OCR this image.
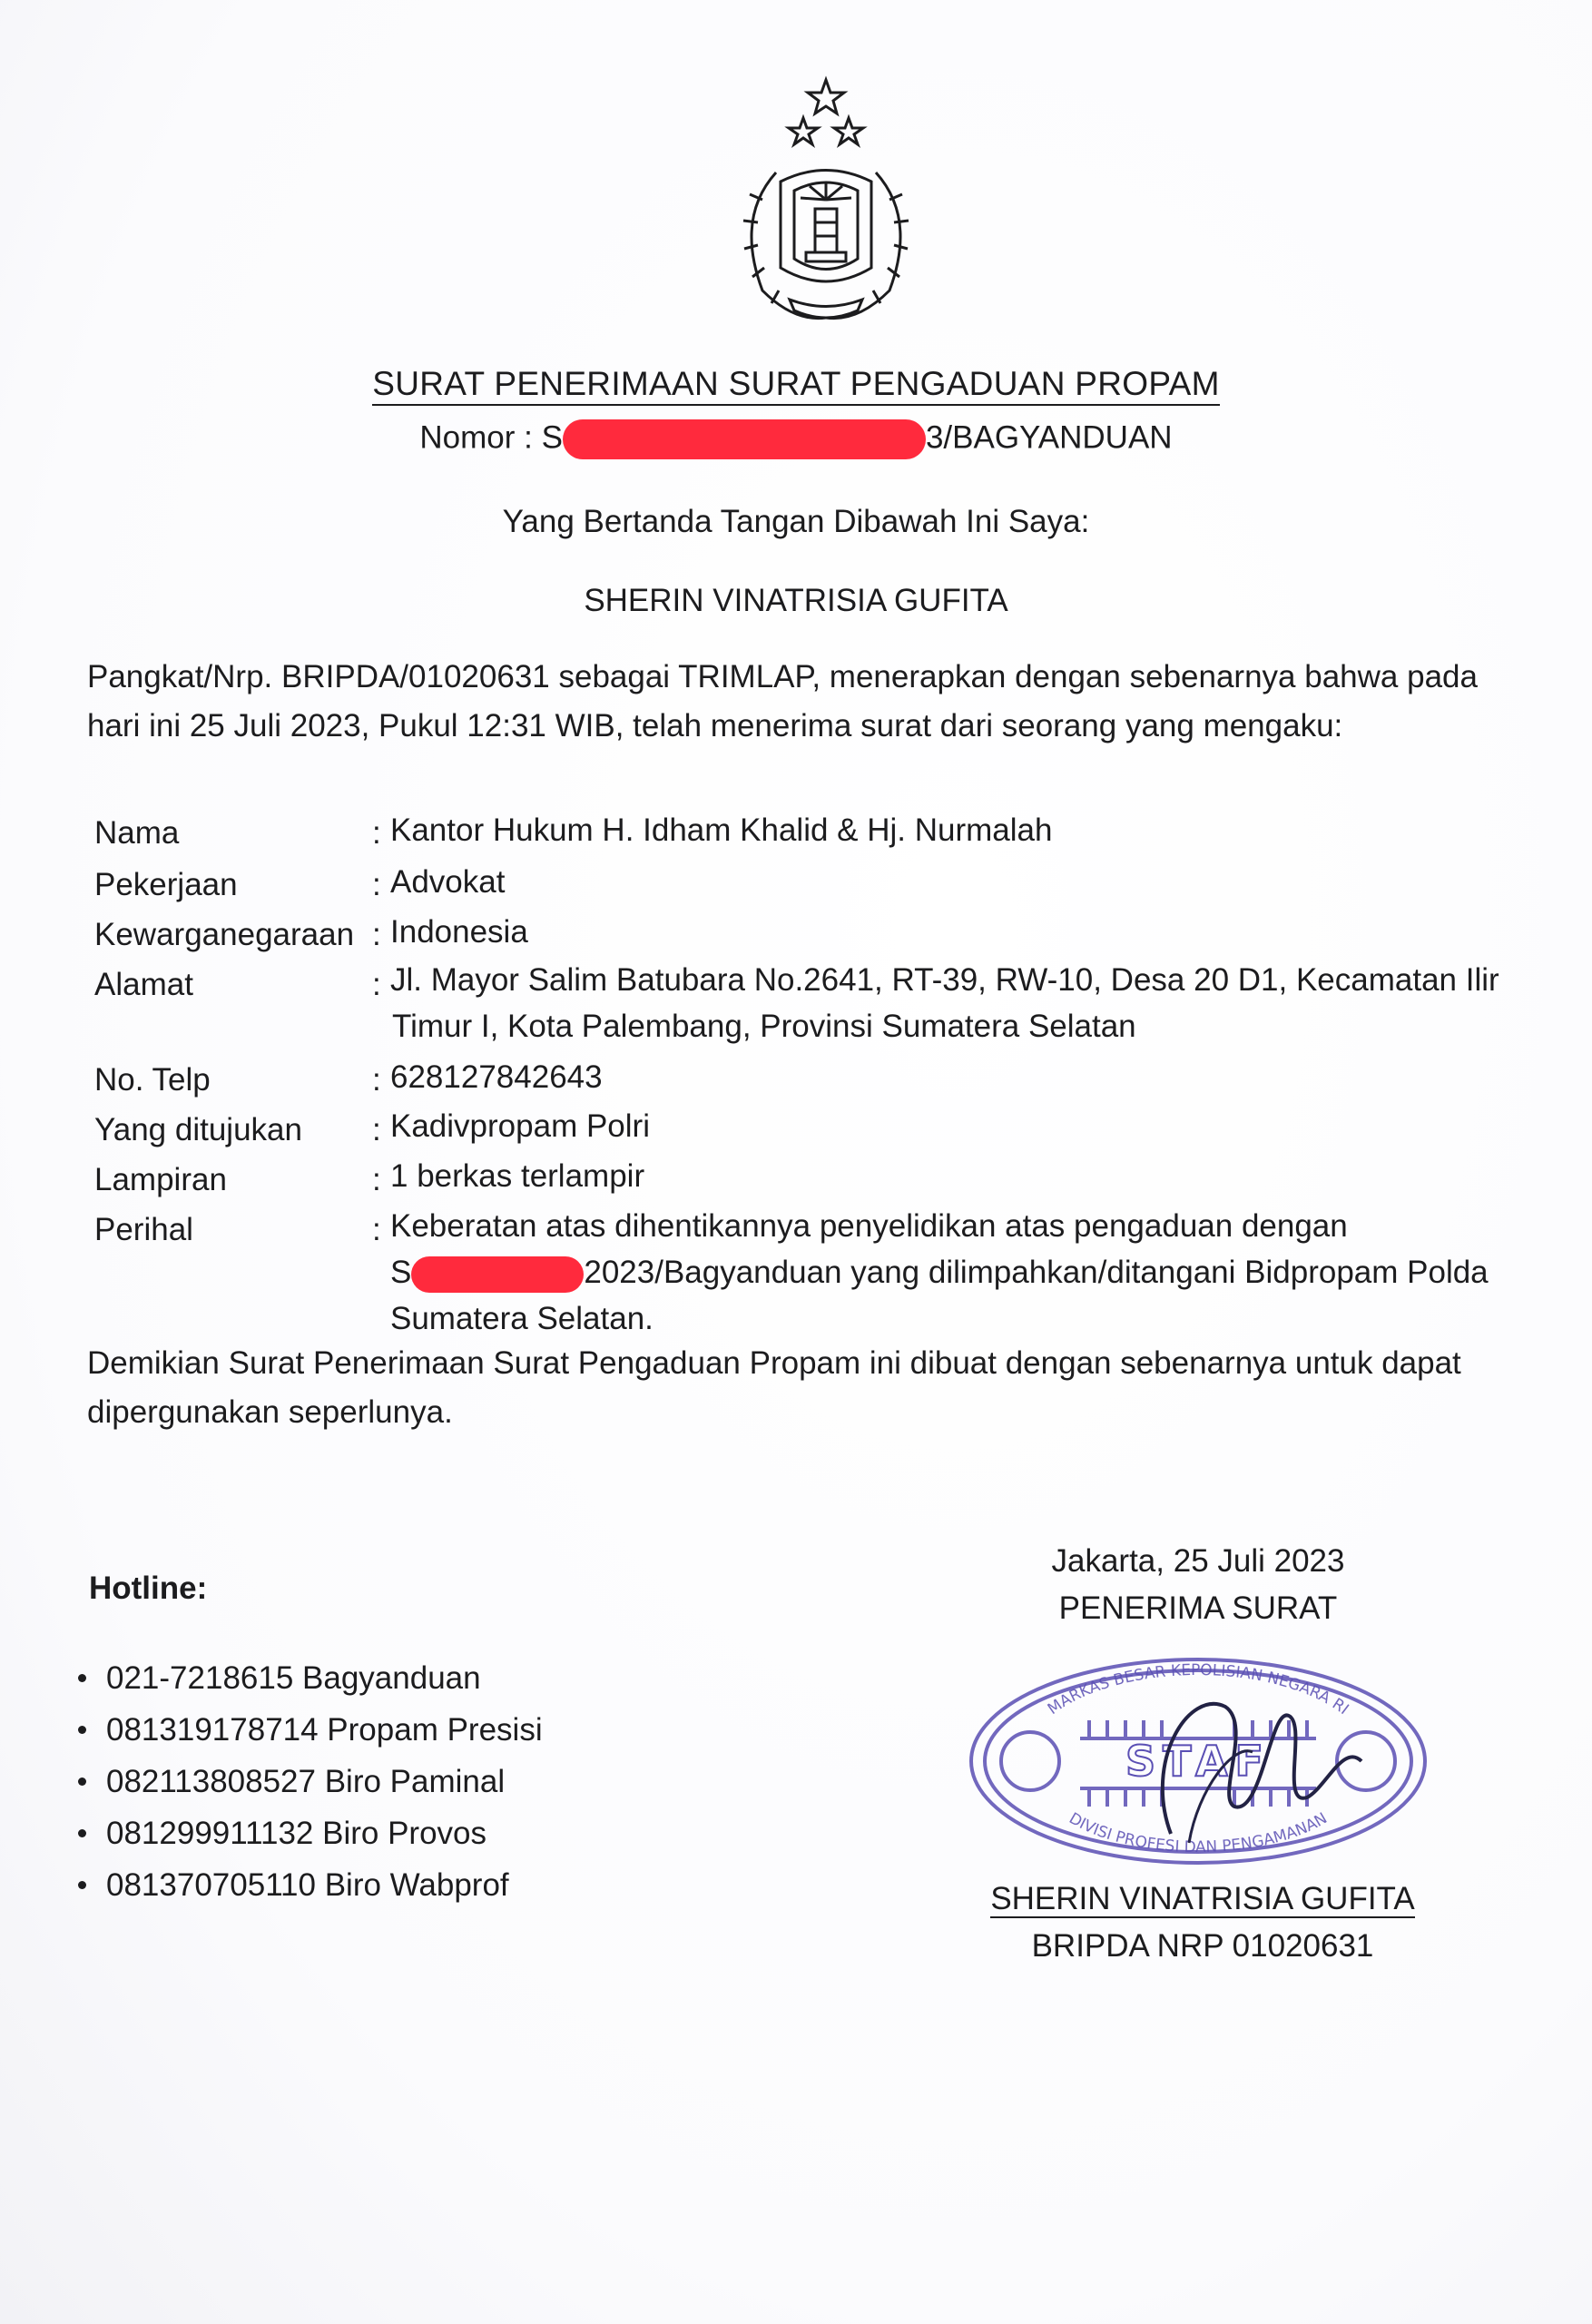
SURAT PENERIMAAN SURAT PENGADUAN PROPAM
Nomor : S	3/BAGYANDUAN
Yang Bertanda Tangan Dibawah Ini Saya:
SHERIN VINATRISIA GUFITA
Pangkat/Nrp. BRIPDA/01020631 sebagai TRIMLAP, menerapkan dengan sebenarnya bahwa pada
hari ini 25 Juli 2023, Pukul 12:31 WIB, telah menerima surat dari seorang yang mengaku:
Nama	: Kantor Hukum H. Idham Khalid & Hj. Nurmalah
Pekerjaan	: Advokat
Kewarganegaraan : Indonesia
Alamat	: Jl. Mayor Salim Batubara No.2641, RT-39, RW-10, Desa 20 D1, Kecamatan Ilir
Timur I, Kota Palembang, Provinsi Sumatera Selatan
No. Telp	: 628127842643
Yang ditujukan : Kadivpropam Polri
Lampiran	: 1 berkas terlampir
Perihal	: Keberatan atas dihentikannya penyelidikan atas pengaduan dengan
S	2023/Bagyanduan yang dilimpahkan/ditangani Bidpropam Polda
Sumatera Selatan.
Demikian Surat Penerimaan Surat Pengaduan Propam ini dibuat dengan sebenarnya untuk dapat
dipergunakan seperlunya.
Hotline:
021-7218615 Bagyanduan
081319178714 Propam Presisi
082113808527 Biro Paminal
081299911132 Biro Provos
081370705110 Biro Wabprof
Jakarta, 25 Juli 2023
PENERIMA SURAT
MARKAS BESAR KEPOLISIAN NEGARA RI
DIVISI PROFESI DAN PENGAMANAN
STAF
SHERIN VINATRISIA GUFITA
BRIPDA NRP 01020631
